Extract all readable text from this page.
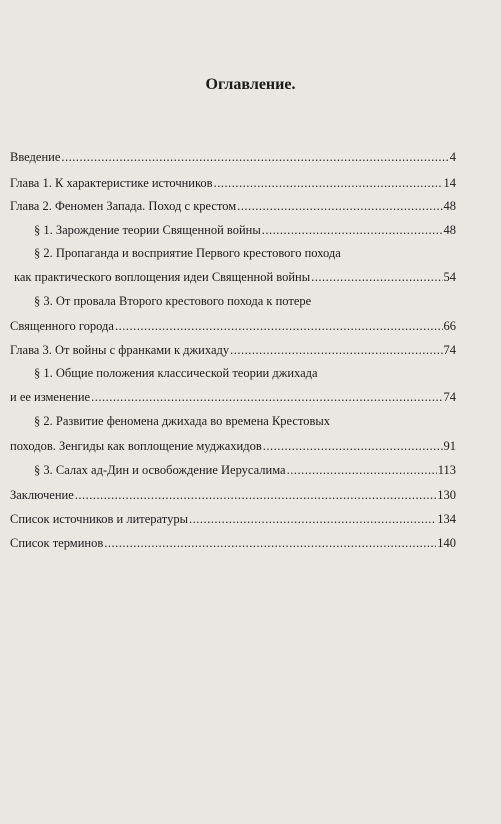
Оглавление.
Введение .....	4
Глава 1. К характеристике источников .....	14
Глава 2. Феномен Запада. Поход с крестом .....	48
§ 1. Зарождение теории Священной войны .....	48
§ 2. Пропаганда и восприятие Первого крестового похода
как практического воплощения идеи Священной войны .....	54
§ 3. От провала Второго крестового похода к потере
Священного города .....	66
Глава 3. От войны с франками к джихаду .....	74
§ 1. Общие положения классической теории джихада
и ее изменение .....	74
§ 2. Развитие феномена джихада во времена Крестовых
походов. Зенгиды как воплощение муджахидов .....	91
§ 3. Салах ад-Дин и освобождение Иерусалима .....	113
Заключение .....	130
Список источников и литературы .....	134
Список терминов .....	140
